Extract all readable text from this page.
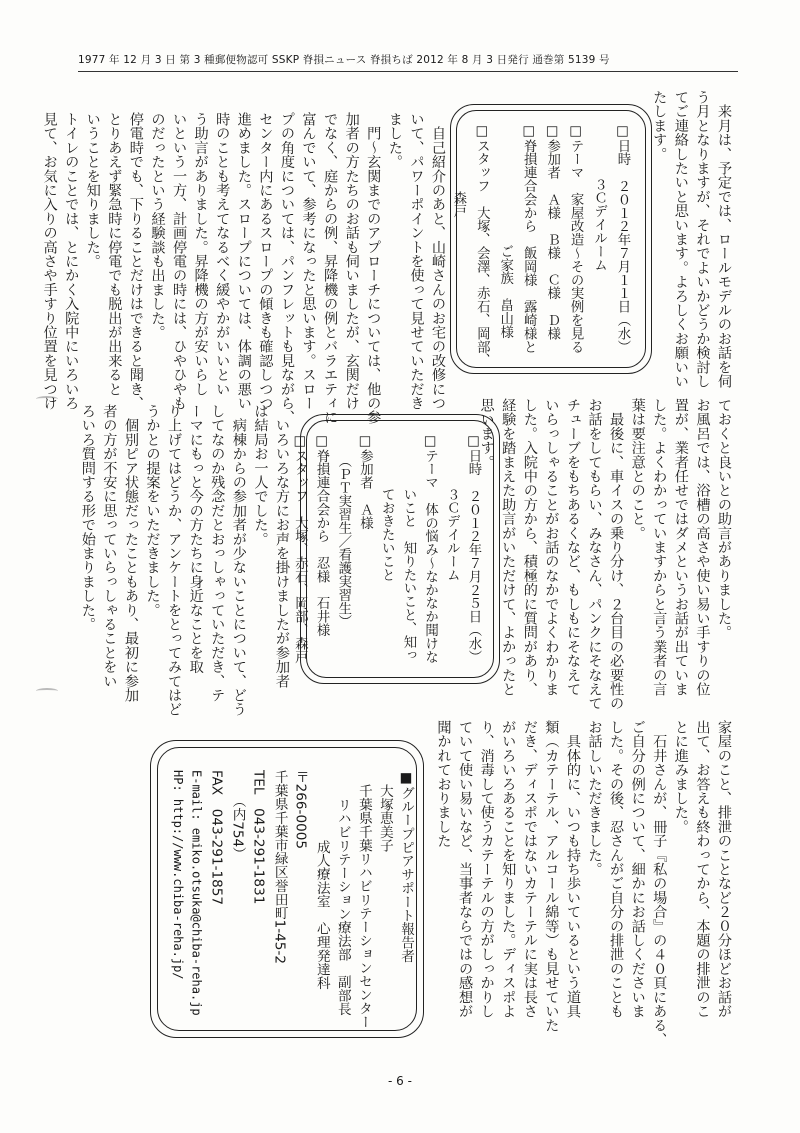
1977 年 12 月 3 日 第 3 種郵便物認可 SSKP 脊損ニュース 脊損ちば 2012 年 8 月 3 日発行 通巻第 5139 号
　来月は、予定では、ロールモデルのお話を伺
う月となりますが、それでよいかどうか検討し
てご連絡したいと思います。よろしくお願いい
たします。
□日時　２０１２年７月１１日（水）
　　　　３Ｃデイルーム
□テーマ　家屋改造～その実例を見る
□参加者　Ａ様　Ｂ様　Ｃ様　Ｄ様
□脊損連合会から　飯岡様　露崎様と
　　　　　　　　　ご家族　畠山様
□スタッフ　大塚、会澤、赤石、岡部、
　　　　　森戸
　自己紹介のあと、山崎さんのお宅の改修につ
いて、パワーポイントを使って見せていただき
ました。
　門～玄関までのアプローチについては、他の参
加者の方たちのお話も伺いましたが、玄関だけ
でなく、庭からの例、昇降機の例とバラエティに
富んでいて、参考になったと思います。スロー
プの角度については、パンフレットも見ながら、
センター内にあるスロープの傾きも確認しつつ
進めました。スロープについては、体調の悪い
時のことも考えてなるべく緩やかがいいとい
う助言がありました。昇降機の方が安いらし
いという一方、計画停電の時には、ひやひやも
のだったという経験談も出ました。
停電時でも、下りることだけはできると聞き、
とりあえず緊急時に停電でも脱出が出来ると
いうことを知りました。
トイレのことでは、とにかく入院中にいろいろ
見て、お気に入りの高さや手すり位置を見つけ
ておくと良いとの助言がありました。
お風呂では、浴槽の高さや使い易い手すりの位
置が、業者任せではダメというお話が出ていま
した。よくわかっていますからと言う業者の言
葉は要注意とのこと。
　最後に、車イスの乗り分け、２台目の必要性の
お話をしてもらい、みなさん、パンクにそなえて
チューブをもちあるくなど、もしもにそなえて
いらっしゃることがお話のなかでよくわかりま
した。入院中の方から、積極的に質問があり、
経験を踏まえた助言がいただけて、よかったと
思います。
□日時　２０１２年７月２５日（水）
　　　　３Ｃデイルーム
□テーマ　体の悩み～なかなか聞けな
　　　　いこと　知りたいこと、知っ
　　　　ておきたいこと
□参加者　Ａ様
　　（ＰＴ実習生／看護実習生）
□脊損連合会から　忍様　石井様
□スタッフ　大塚、赤石、岡部、森戸
　いろいろな方にお声を掛けましたが参加者
は結局お一人でした。
　病棟からの参加者が少ないことについて、どう
してなのか残念だとおっしゃっていただき、テ
ーマにもっと今の方たちに身近なことを取
り上げてはどうか、アンケートをとってみてはど
うかとの提案をいただきました。
　個別ピア状態だったこともあり、最初に参加
者の方が不安に思っていらっしゃることをい
ろいろ質問する形で始まりました。
家屋のこと、排泄のことなど２０分ほどお話が
出て、お答えも終わってから、本題の排泄のこ
とに進みました。
　石井さんが、冊子『私の場合』の４０頁にある、
ご自分の例について、細かにお話しくださいま
した。その後、忍さんがご自分の排泄のことも
お話しいただきました。
　具体的に、いつも持ち歩いているという道具
類（カテーテル、アルコール綿等）も見せていた
だき、ディスポではないカテーテルに実は長さ
がいろいろあることを知りました。ディスポよ
り、消毒して使うカテーテルの方がしっかりし
ていて使い易いなど、当事者ならではの感想が
聞かれておりました
■グループピアサポート報告者
大塚恵美子
千葉県千葉リハビリテーションセンター
リハビリテーション療法部　副部長
成人療法室　心理発達科
〒266-0005
千葉県千葉市緑区誉田町1-45-2
TEL　043-291-1831
（内754）
FAX　043-291-1857
E-mail: emiko.otsuka@chiba-reha.jp
HP: http://www.chiba-reha.jp/
- 6 -
